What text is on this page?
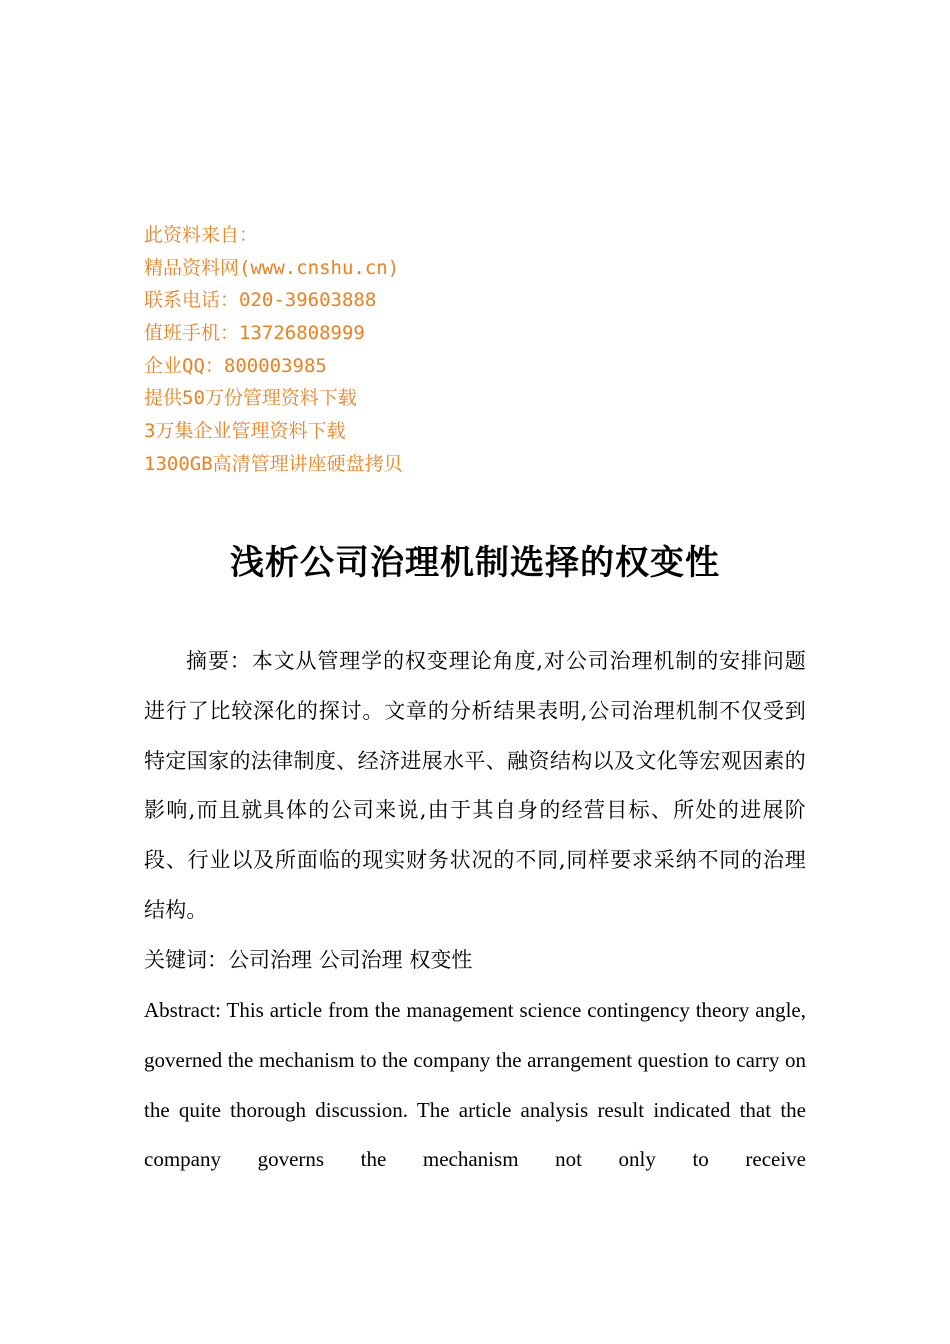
此资料来自：
精品资料网(www.cnshu.cn)
联系电话：020-39603888
值班手机：13726808999
企业QQ：800003985
提供50万份管理资料下载
3万集企业管理资料下载
1300GB高清管理讲座硬盘拷贝
浅析公司治理机制选择的权变性

摘要：本文从管理学的权变理论角度,对公司治理机制的安排问题进行了比较深化的探讨。文章的分析结果表明,公司治理机制不仅受到特定国家的法律制度、经济进展水平、融资结构以及文化等宏观因素的影响,而且就具体的公司来说,由于其自身的经营目标、所处的进展阶段、行业以及所面临的现实财务状况的不同,同样要求采纳不同的治理结构。

关键词：公司治理 公司治理 权变性

Abstract: This article from the management science contingency theory angle, governed the mechanism to the company the arrangement question to carry on the quite thorough discussion. The article analysis result indicated that the company governs the mechanism not only to receive
